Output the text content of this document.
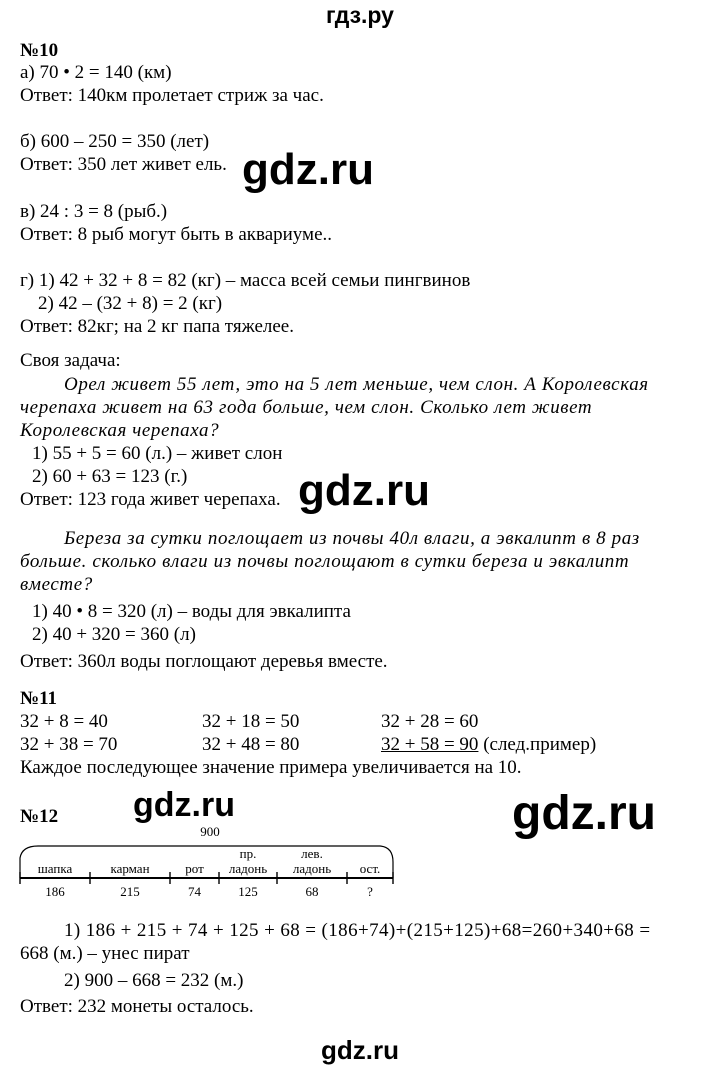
гдз.ру
№10
а) 70 • 2 = 140 (км)
Ответ: 140км пролетает стриж за час.
б) 600 – 250 = 350 (лет)
Ответ: 350 лет живет ель. gdz.ru
в) 24 : 3 = 8 (рыб.)
Ответ: 8 рыб могут быть в аквариуме..
г) 1) 42 + 32 + 8 = 82 (кг) – масса всей семьи пингвинов
2) 42 – (32 + 8) = 2 (кг)
Ответ: 82кг; на 2 кг папа тяжелее.
Своя задача:
Орел живет 55 лет, это на 5 лет меньше, чем слон. А Королевская
черепаха живет на 63 года больше, чем слон. Сколько лет живет
Королевская черепаха?
1) 55 + 5 = 60 (л.) – живет слон
2) 60 + 63 = 123 (г.)
Ответ: 123 года живет черепаха. gdz.ru
Береза за сутки поглощает из почвы 40л влаги, а эвкалипт в 8 раз
больше. сколько влаги из почвы поглощают в сутки береза и эвкалипт
вместе?
1) 40 • 8 = 320 (л) – воды для эвкалипта
2) 40 + 320 = 360 (л)
Ответ: 360л воды поглощают деревья вместе.
№11
32 + 8 = 40	32 + 18 = 50	32 + 28 = 60
32 + 38 = 70	32 + 48 = 80	32 + 58 = 90 (след.пример)
Каждое последующее значение примера увеличивается на 10.
gdz.ru	gdz.ru
№12
900
шапка
186
карман
215
рот
74
пр.
ладонь
125
лев.
ладонь
68
ост.
?
1) 186 + 215 + 74 + 125 + 68 = (186+74)+(215+125)+68=260+340+68 =
668 (м.) – унес пират
2) 900 – 668 = 232 (м.)
Ответ: 232 монеты осталось.
gdz.ru
